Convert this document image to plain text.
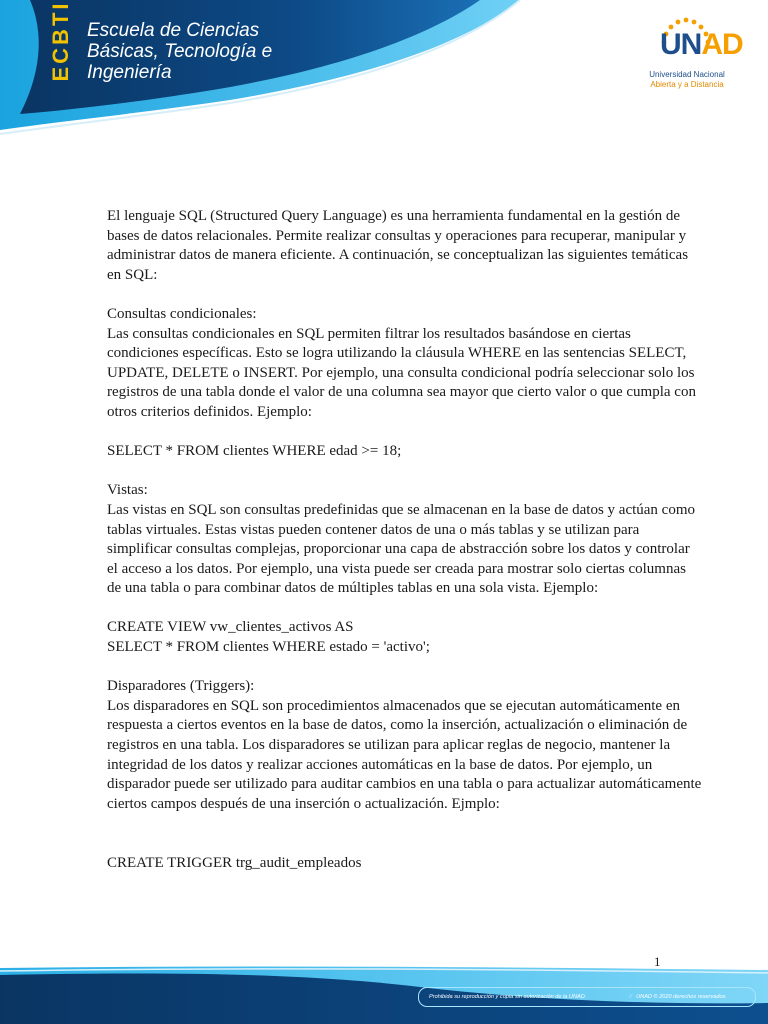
ECBTI Escuela de Ciencias
Básicas, Tecnología e
Ingeniería
UNAD
Universidad Nacional
Abierta y a Distancia

El lenguaje SQL (Structured Query Language) es una herramienta fundamental en la gestión de bases de datos relacionales. Permite realizar consultas y operaciones para recuperar, manipular y administrar datos de manera eficiente. A continuación, se conceptualizan las siguientes temáticas en SQL:

Consultas condicionales:

Las consultas condicionales en SQL permiten filtrar los resultados basándose en ciertas condiciones específicas. Esto se logra utilizando la cláusula WHERE en las sentencias SELECT, UPDATE, DELETE o INSERT. Por ejemplo, una consulta condicional podría seleccionar solo los registros de una tabla donde el valor de una columna sea mayor que cierto valor o que cumpla con otros criterios definidos. Ejemplo:

SELECT * FROM clientes WHERE edad >= 18;

Vistas:

Las vistas en SQL son consultas predefinidas que se almacenan en la base de datos y actúan como tablas virtuales. Estas vistas pueden contener datos de una o más tablas y se utilizan para simplificar consultas complejas, proporcionar una capa de abstracción sobre los datos y controlar el acceso a los datos. Por ejemplo, una vista puede ser creada para mostrar solo ciertas columnas de una tabla o para combinar datos de múltiples tablas en una sola vista. Ejemplo:

CREATE VIEW vw_clientes_activos AS

SELECT * FROM clientes WHERE estado = 'activo';

Disparadores (Triggers):

Los disparadores en SQL son procedimientos almacenados que se ejecutan automáticamente en respuesta a ciertos eventos en la base de datos, como la inserción, actualización o eliminación de registros en una tabla. Los disparadores se utilizan para aplicar reglas de negocio, mantener la integridad de los datos y realizar acciones automáticas en la base de datos. Por ejemplo, un disparador puede ser utilizado para auditar cambios en una tabla o para actualizar automáticamente ciertos campos después de una inserción o actualización. Ejmplo:

CREATE TRIGGER trg_audit_empleados

1
Prohibida su reproducción y copia sin autorización de la UNAD.	// UNAD © 2020 derechos reservados.
